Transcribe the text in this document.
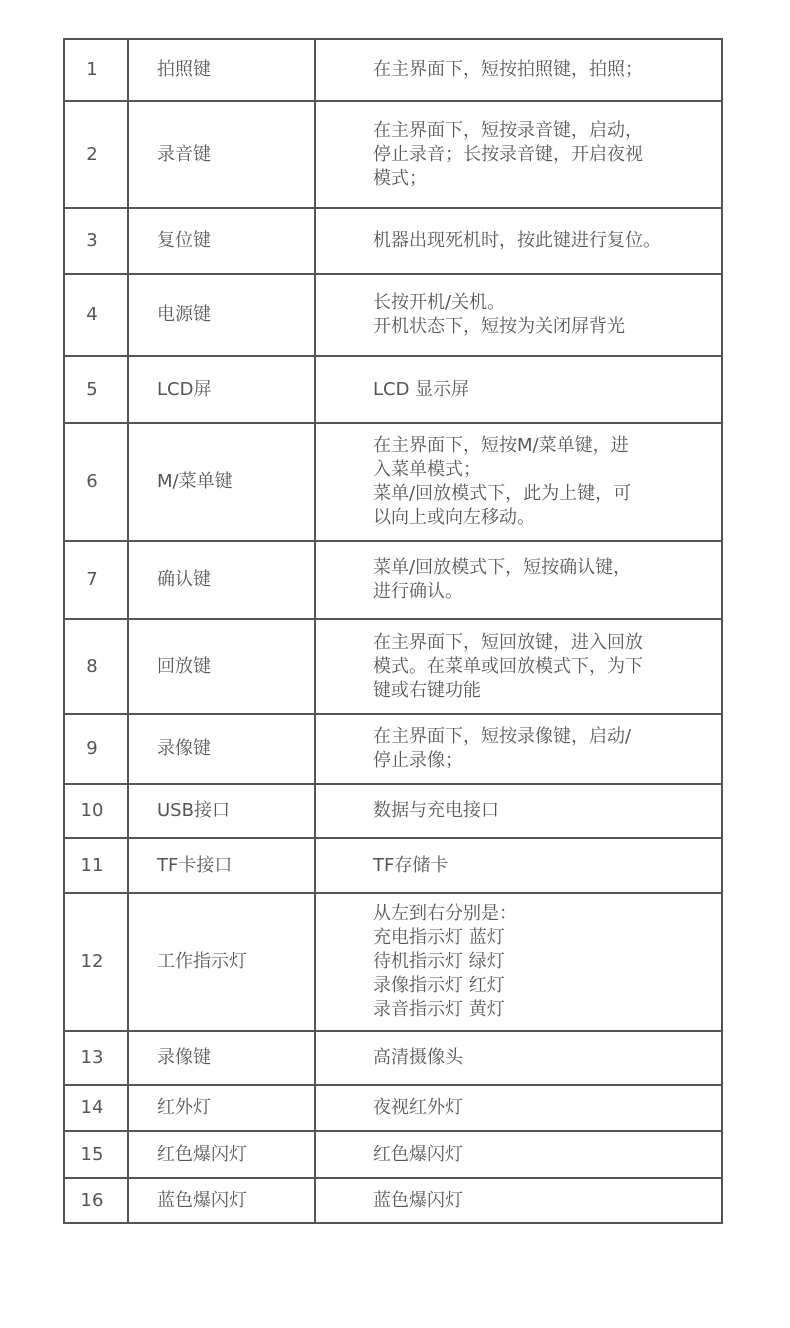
1	拍照键	在主界面下，短按拍照键，拍照；

2	录音键	在主界面下，短按录音键，启动，
停止录音；长按录音键，开启夜视
模式；

3	复位键	机器出现死机时，按此键进行复位。

4	电源键	长按开机/关机。
开机状态下，短按为关闭屏背光

5	LCD屏	LCD 显示屏

6	M/菜单键	在主界面下，短按M/菜单键，进
入菜单模式；
菜单/回放模式下，此为上键，可
以向上或向左移动。

7	确认键	菜单/回放模式下，短按确认键，
进行确认。

8	回放键	在主界面下，短回放键，进入回放
模式。在菜单或回放模式下，为下
键或右键功能

9	录像键	在主界面下，短按录像键，启动/
停止录像；

10	USB接口	数据与充电接口

11	TF卡接口	TF存储卡

12	工作指示灯	从左到右分别是：
充电指示灯 蓝灯
待机指示灯 绿灯
录像指示灯 红灯
录音指示灯 黄灯

13	录像键	高清摄像头

14	红外灯	夜视红外灯

15	红色爆闪灯	红色爆闪灯

16	蓝色爆闪灯	蓝色爆闪灯
